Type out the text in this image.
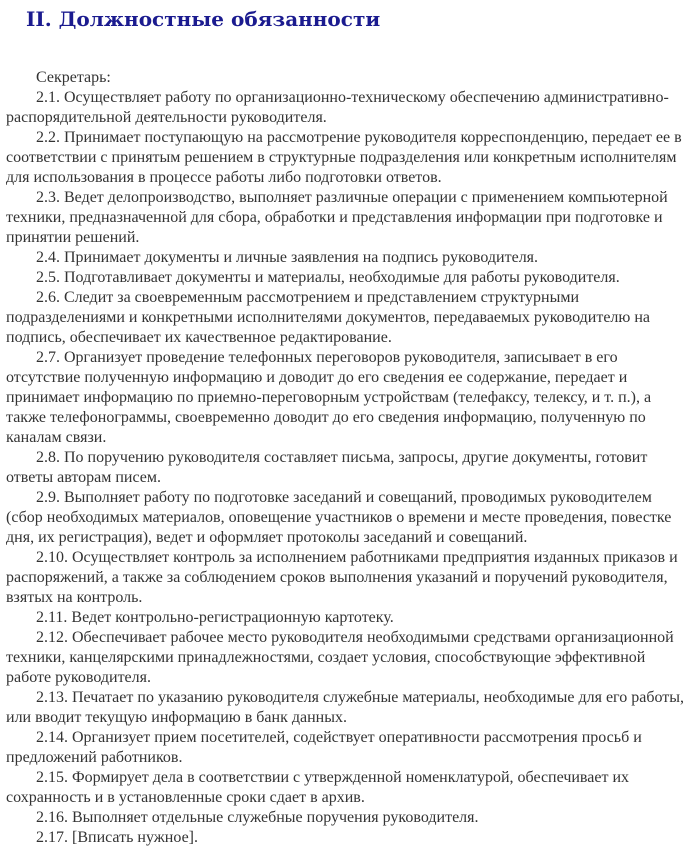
II. Должностные обязанности

Секретарь:

2.1. Осуществляет работу по организационно-техническому обеспечению административно-распорядительной деятельности руководителя.

2.2. Принимает поступающую на рассмотрение руководителя корреспонденцию, передает ее в соответствии с принятым решением в структурные подразделения или конкретным исполнителям для использования в процессе работы либо подготовки ответов.

2.3. Ведет делопроизводство, выполняет различные операции с применением компьютерной техники, предназначенной для сбора, обработки и представления информации при подготовке и принятии решений.

2.4. Принимает документы и личные заявления на подпись руководителя.

2.5. Подготавливает документы и материалы, необходимые для работы руководителя.

2.6. Следит за своевременным рассмотрением и представлением структурными подразделениями и конкретными исполнителями документов, передаваемых руководителю на подпись, обеспечивает их качественное редактирование.

2.7. Организует проведение телефонных переговоров руководителя, записывает в его отсутствие полученную информацию и доводит до его сведения ее содержание, передает и принимает информацию по приемно-переговорным устройствам (телефаксу, телексу, и т. п.), а также телефонограммы, своевременно доводит до его сведения информацию, полученную по каналам связи.

2.8. По поручению руководителя составляет письма, запросы, другие документы, готовит ответы авторам писем.

2.9. Выполняет работу по подготовке заседаний и совещаний, проводимых руководителем (сбор необходимых материалов, оповещение участников о времени и месте проведения, повестке дня, их регистрация), ведет и оформляет протоколы заседаний и совещаний.

2.10. Осуществляет контроль за исполнением работниками предприятия изданных приказов и распоряжений, а также за соблюдением сроков выполнения указаний и поручений руководителя, взятых на контроль.

2.11. Ведет контрольно-регистрационную картотеку.

2.12. Обеспечивает рабочее место руководителя необходимыми средствами организационной техники, канцелярскими принадлежностями, создает условия, способствующие эффективной работе руководителя.

2.13. Печатает по указанию руководителя служебные материалы, необходимые для его работы, или вводит текущую информацию в банк данных.

2.14. Организует прием посетителей, содействует оперативности рассмотрения просьб и предложений работников.

2.15. Формирует дела в соответствии с утвержденной номенклатурой, обеспечивает их сохранность и в установленные сроки сдает в архив.

2.16. Выполняет отдельные служебные поручения руководителя.

2.17. [Вписать нужное].
